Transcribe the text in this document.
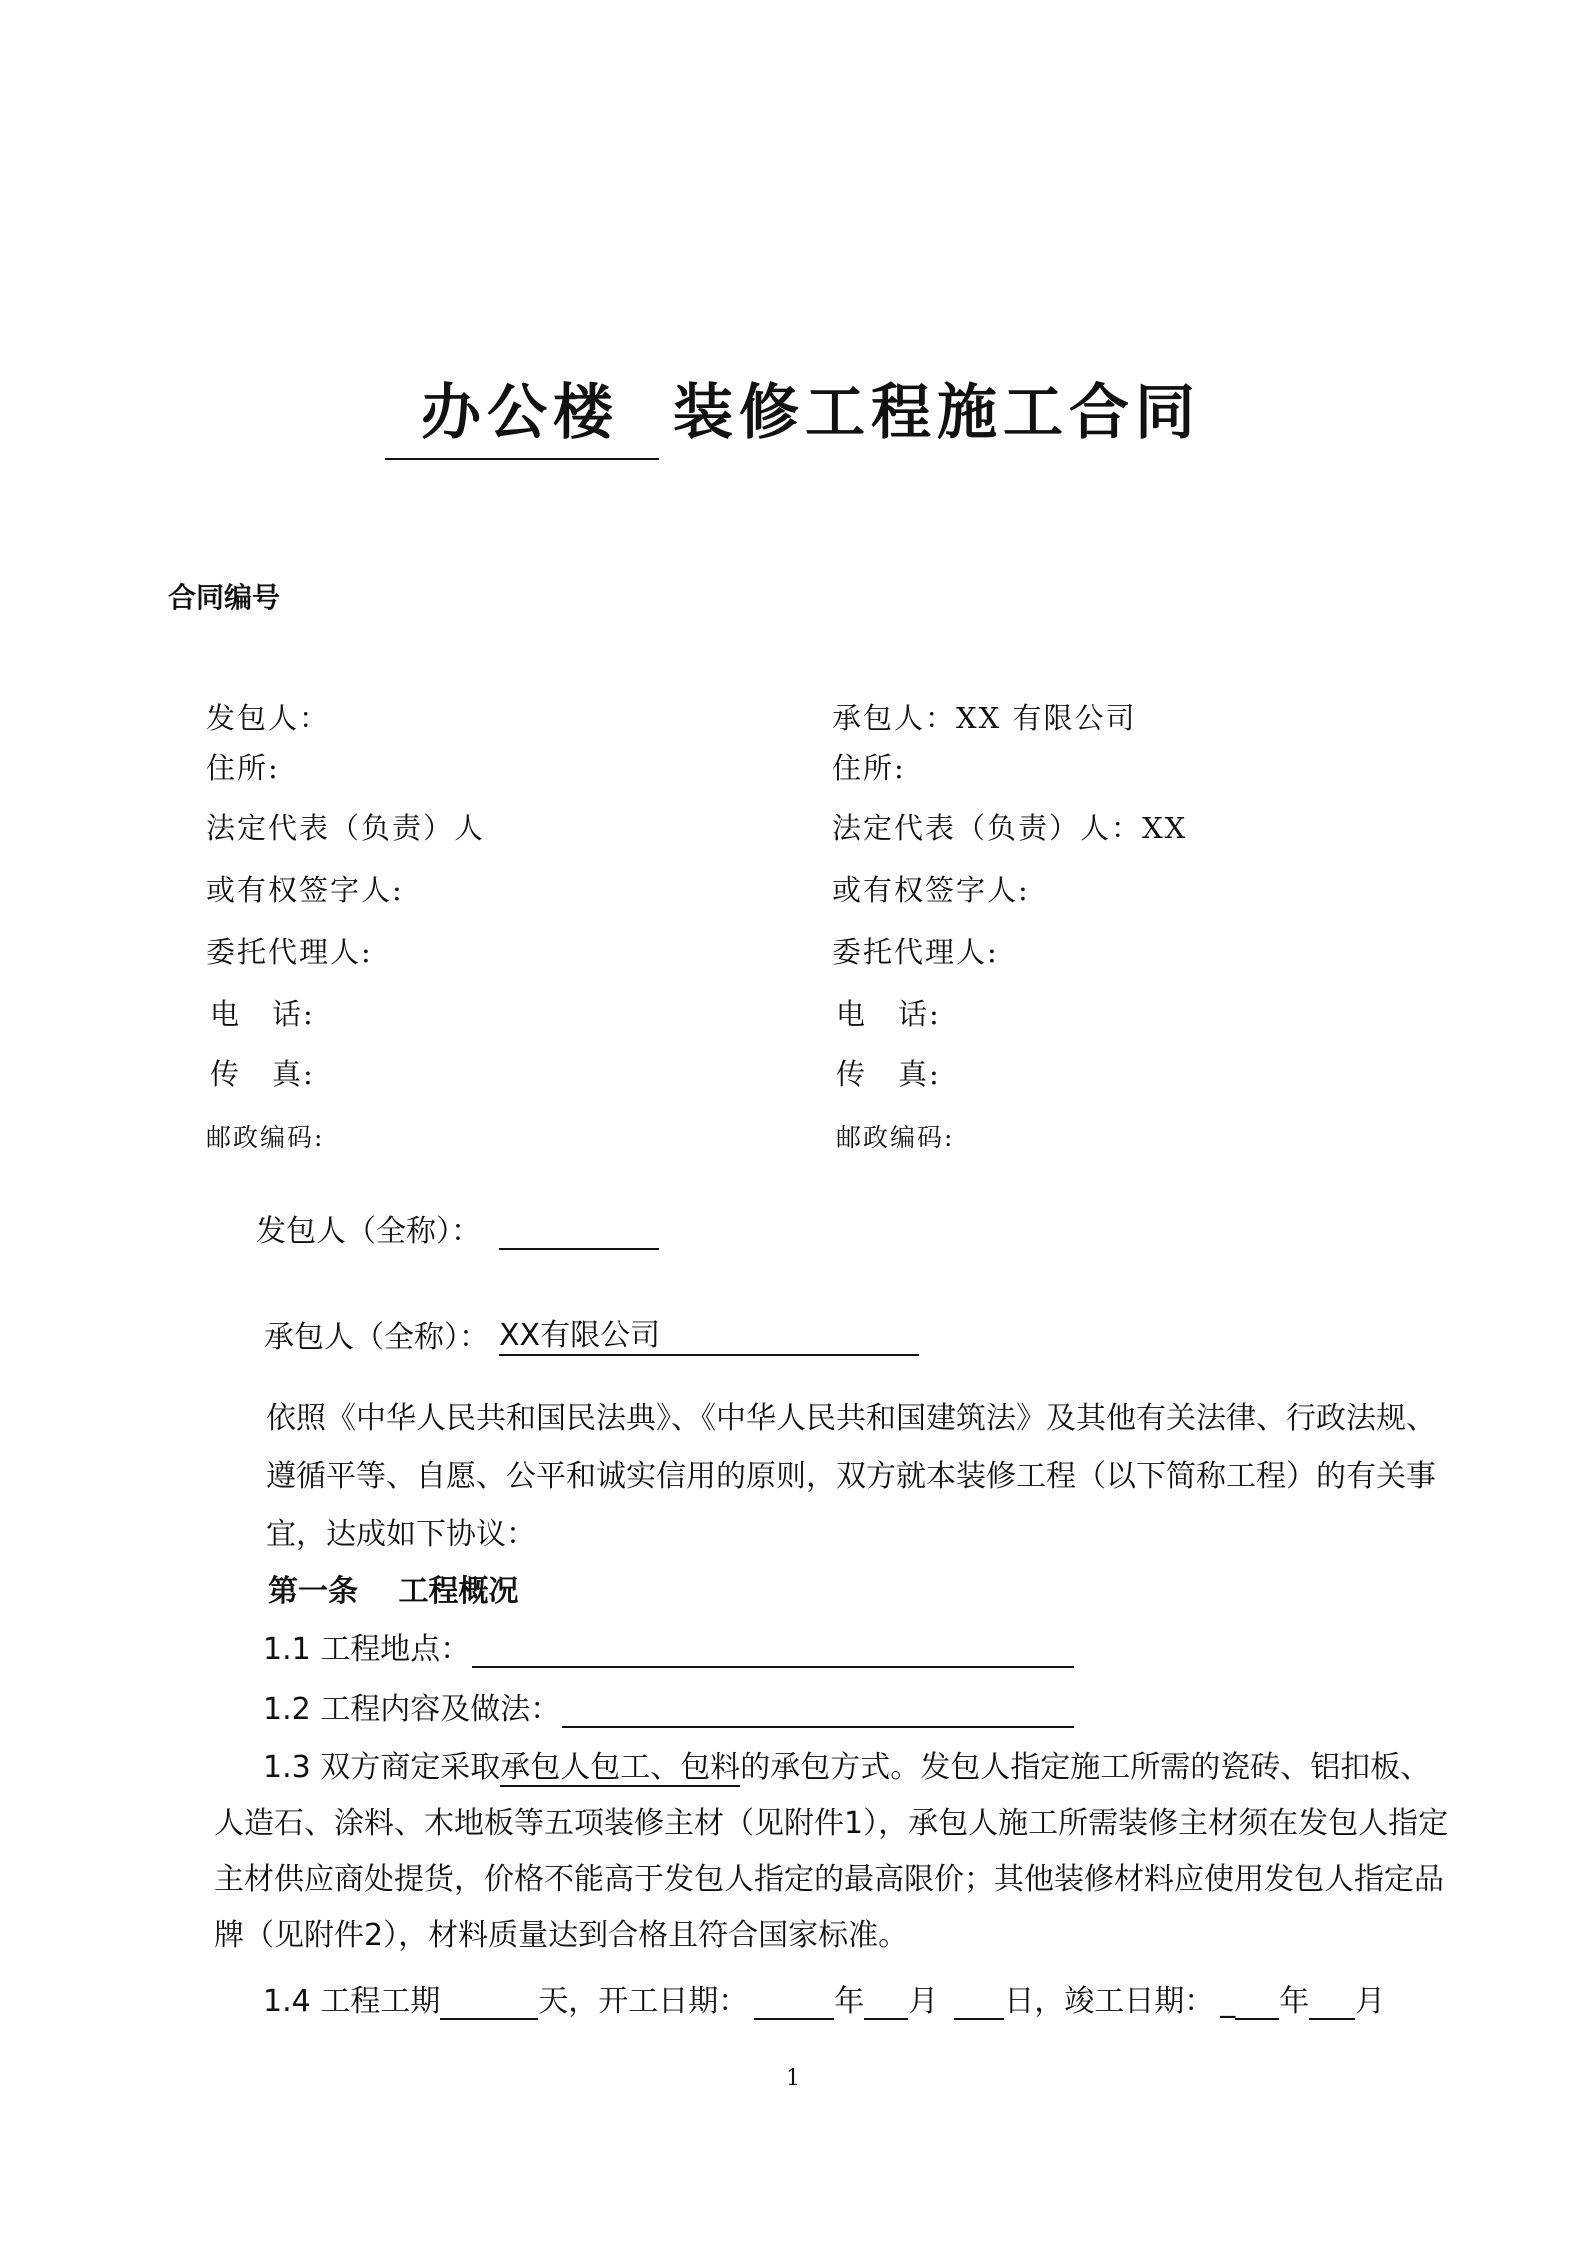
办公楼 装修工程施工合同
合同编号
发包人：
住所:
法定代表（负责）人
或有权签字人:
委托代理人:
电　话:
传　真:
邮政编码:
承包人：XX 有限公司
住所:
法定代表（负责）人：XX
或有权签字人:
委托代理人:
电　话:
传　真:
邮政编码:
发包人（全称）：
承包人（全称）： XX有限公司

依照《中华人民共和国民法典》、《中华人民共和国建筑法》及其他有关法律、行政法规、遵循平等、自愿、公平和诚实信用的原则，双方就本装修工程（以下简称工程）的有关事宜，达成如下协议：

第一条　 工程概况
1.1 工程地点：
1.2 工程内容及做法：

1.3 双方商定采取承包人包工、包料的承包方式。发包人指定施工所需的瓷砖、铝扣板、人造石、涂料、木地板等五项装修主材（见附件1），承包人施工所需装修主材须在发包人指定主材供应商处提货，价格不能高于发包人指定的最高限价；其他装修材料应使用发包人指定品牌（见附件2），材料质量达到合格且符合国家标准。

1.4 工程工期	天，开工日期：	年 月 日，竣工日期： _ 年 月
1
